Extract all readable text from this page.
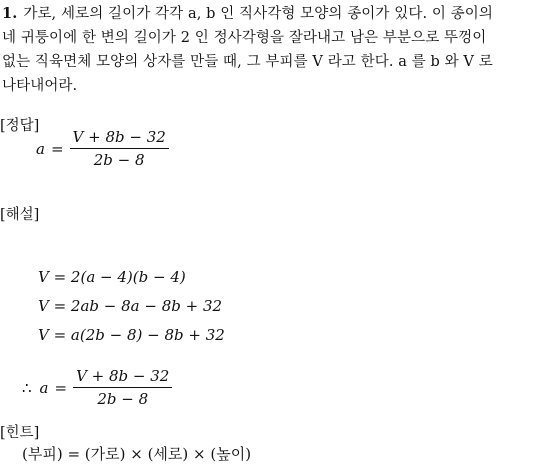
1. 가로, 세로의 길이가 각각 a, b 인 직사각형 모양의 종이가 있다. 이 종이의
네 귀퉁이에 한 변의 길이가 2 인 정사각형을 잘라내고 남은 부분으로 뚜껑이
없는 직육면체 모양의 상자를 만들 때, 그 부피를 V 라고 한다. a 를 b 와 V 로
나타내어라.
[정답]
$a = \frac{V + 8b - 32}{2b - 8}$
[해설]
V = 2(a − 4)(b − 4)
V = 2ab − 8a − 8b + 32
V = a(2b − 8) − 8b + 32
∴ $a = \frac{V + 8b - 32}{2b - 8}$
[힌트]
(부피) = (가로) × (세로) × (높이)
